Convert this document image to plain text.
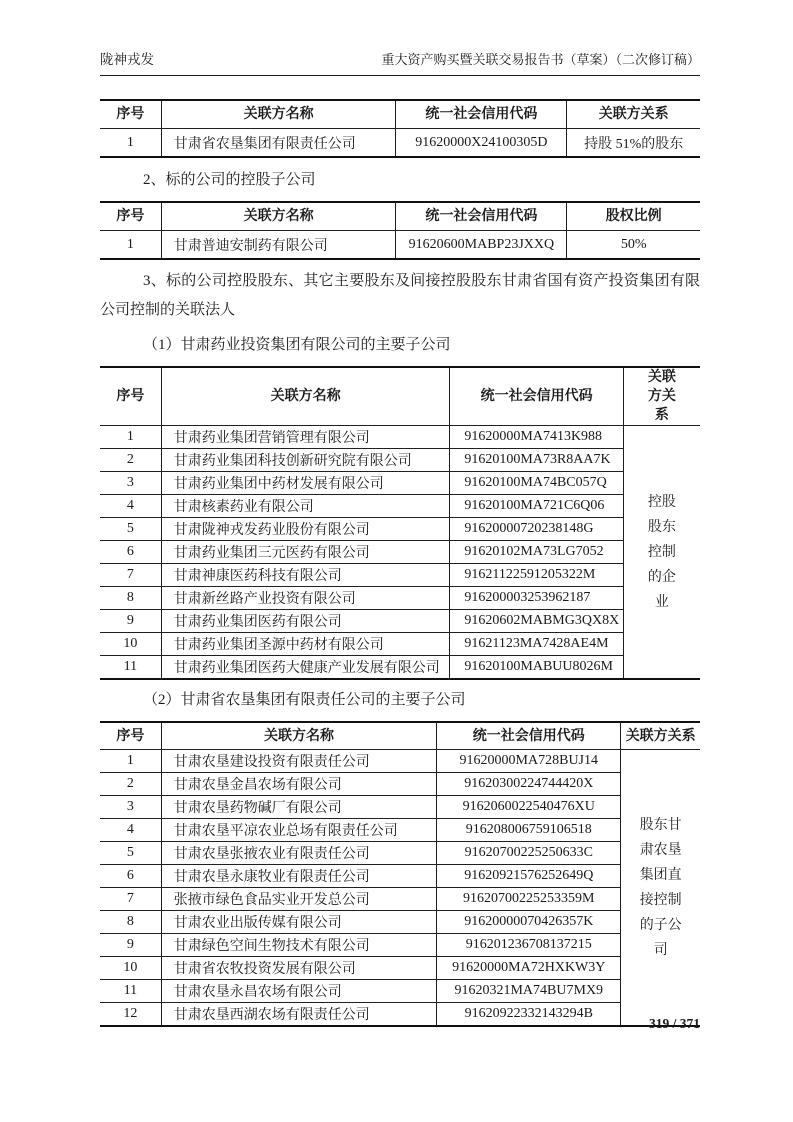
陇神戎发	重大资产购买暨关联交易报告书（草案）（二次修订稿）
序号	关联方名称	统一社会信用代码	关联方关系
1	甘肃省农垦集团有限责任公司	91620000X24100305D	持股 51%的股东

2、标的公司的控股子公司

序号	关联方名称	统一社会信用代码	股权比例
1	甘肃普迪安制药有限公司	91620600MABP23JXXQ	50%

3、标的公司控股股东、其它主要股东及间接控股股东甘肃省国有资产投资集团有限公司控制的关联法人

（1）甘肃药业投资集团有限公司的主要子公司

序号	关联方名称	统一社会信用代码	关联方关系
1	甘肃药业集团营销管理有限公司	91620000MA7413K988	控股股东控制的企业
2	甘肃药业集团科技创新研究院有限公司	91620100MA73R8AA7K	
3	甘肃药业集团中药材发展有限公司	91620100MA74BC057Q	
4	甘肃核素药业有限公司	91620100MA721C6Q06	
5	甘肃陇神戎发药业股份有限公司	91620000720238148G	
6	甘肃药业集团三元医药有限公司	91620102MA73LG7052	
7	甘肃神康医药科技有限公司	91621122591205322M	
8	甘肃新丝路产业投资有限公司	916200003253962187	
9	甘肃药业集团医药有限公司	91620602MABMG3QX8X	
10	甘肃药业集团圣源中药材有限公司	91621123MA7428AE4M	
11	甘肃药业集团医药大健康产业发展有限公司	91620100MABUU8026M	

（2）甘肃省农垦集团有限责任公司的主要子公司

序号	关联方名称	统一社会信用代码	关联方关系
1	甘肃农垦建设投资有限责任公司	91620000MA728BUJ14	股东甘肃农垦集团直接控制的子公司
2	甘肃农垦金昌农场有限公司	91620300224744420X	
3	甘肃农垦药物碱厂有限公司	9162060022540476XU	
4	甘肃农垦平凉农业总场有限责任公司	916208006759106518	
5	甘肃农垦张掖农业有限责任公司	91620700225250633C	
6	甘肃农垦永康牧业有限责任公司	91620921576252649Q	
7	张掖市绿色食品实业开发总公司	91620700225253359M	
8	甘肃农业出版传媒有限公司	91620000070426357K	
9	甘肃绿色空间生物技术有限公司	916201236708137215	
10	甘肃省农牧投资发展有限公司	91620000MA72HXKW3Y	
11	甘肃农垦永昌农场有限公司	91620321MA74BU7MX9	
12	甘肃农垦西湖农场有限责任公司	91620922332143294B	
319 / 371
